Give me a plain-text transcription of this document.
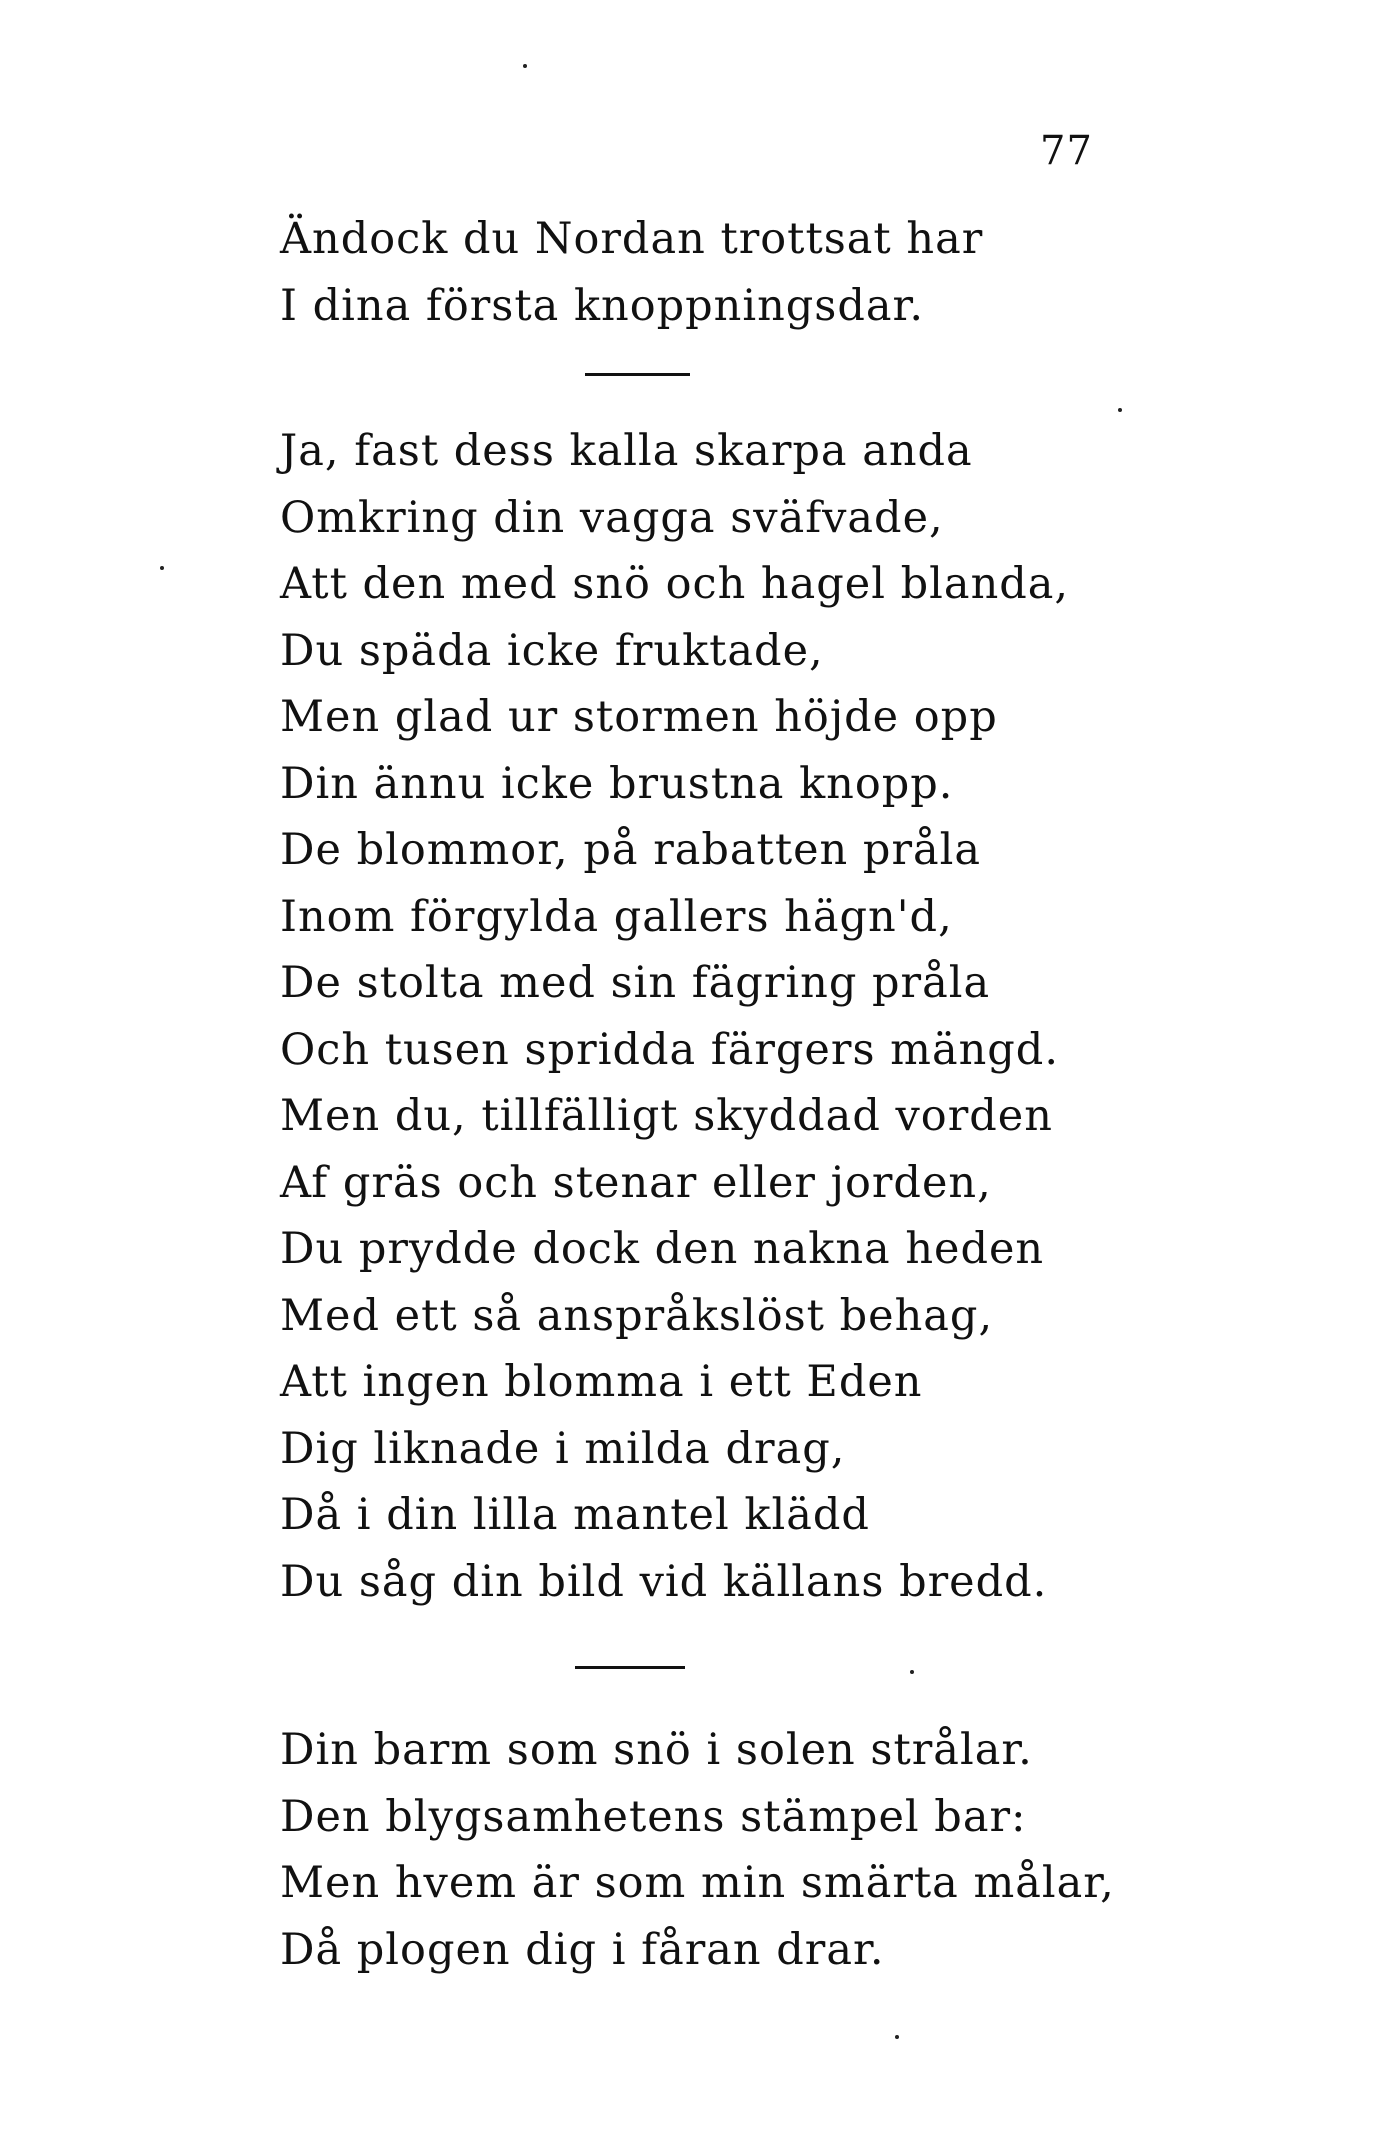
77
Ändock du Nordan trottsat har
I dina första knoppningsdar.
Ja, fast dess kalla skarpa anda
Omkring din vagga sväfvade,
Att den med snö och hagel blanda,
Du späda icke fruktade,
Men glad ur stormen höjde opp
Din ännu icke brustna knopp.
De blommor, på rabatten pråla
Inom förgylda gallers hägn'd,
De stolta med sin fägring pråla
Och tusen spridda färgers mängd.
Men du, tillfälligt skyddad vorden
Af gräs och stenar eller jorden,
Du prydde dock den nakna heden
Med ett så anspråkslöst behag,
Att ingen blomma i ett Eden
Dig liknade i milda drag,
Då i din lilla mantel klädd
Du såg din bild vid källans bredd.
Din barm som snö i solen strålar.
Den blygsamhetens stämpel bar:
Men hvem är som min smärta målar,
Då plogen dig i fåran drar.
